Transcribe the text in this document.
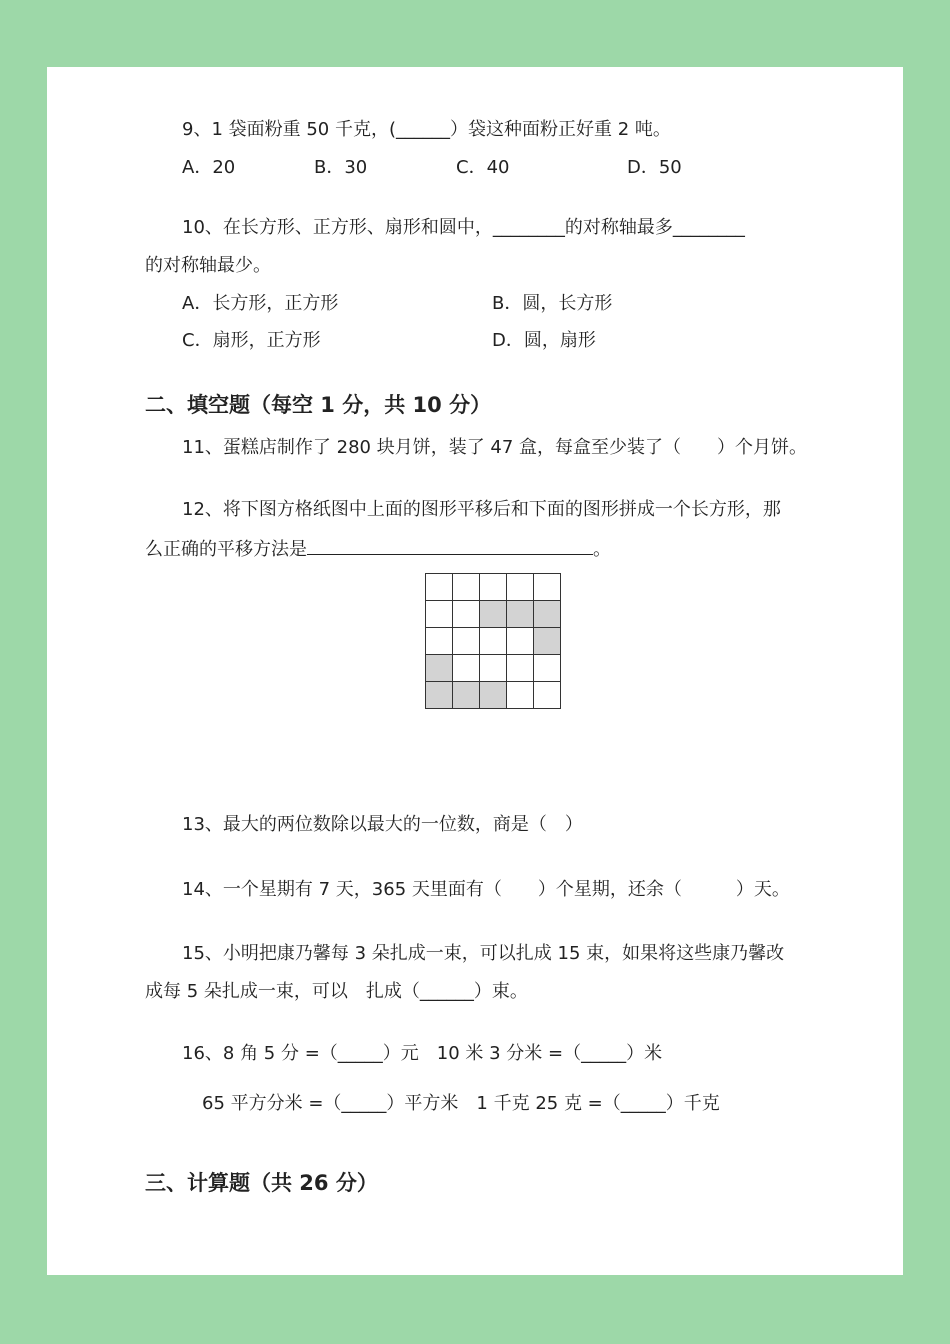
9、1 袋面粉重 50 千克，(______）袋这种面粉正好重 2 吨。
A．20	B．30	C．40	D．50
10、在长方形、正方形、扇形和圆中，________的对称轴最多________
的对称轴最少。
A．长方形，正方形	B．圆，长方形
C．扇形，正方形	D．圆，扇形
二、填空题（每空 1 分，共 10 分）
11、蛋糕店制作了 280 块月饼，装了 47 盒，每盒至少装了（　　）个月饼。
12、将下图方格纸图中上面的图形平移后和下面的图形拼成一个长方形，那
么正确的平移方法是	。

13、最大的两位数除以最大的一位数，商是（　）
14、一个星期有 7 天，365 天里面有（　　）个星期，还余（　　　）天。
15、小明把康乃馨每 3 朵扎成一束，可以扎成 15 束，如果将这些康乃馨改
成每 5 朵扎成一束，可以　扎成（______）束。
16、8 角 5 分 =（_____）元　10 米 3 分米 =（_____）米
65 平方分米 =（_____）平方米　1 千克 25 克 =（_____）千克
三、计算题（共 26 分）
